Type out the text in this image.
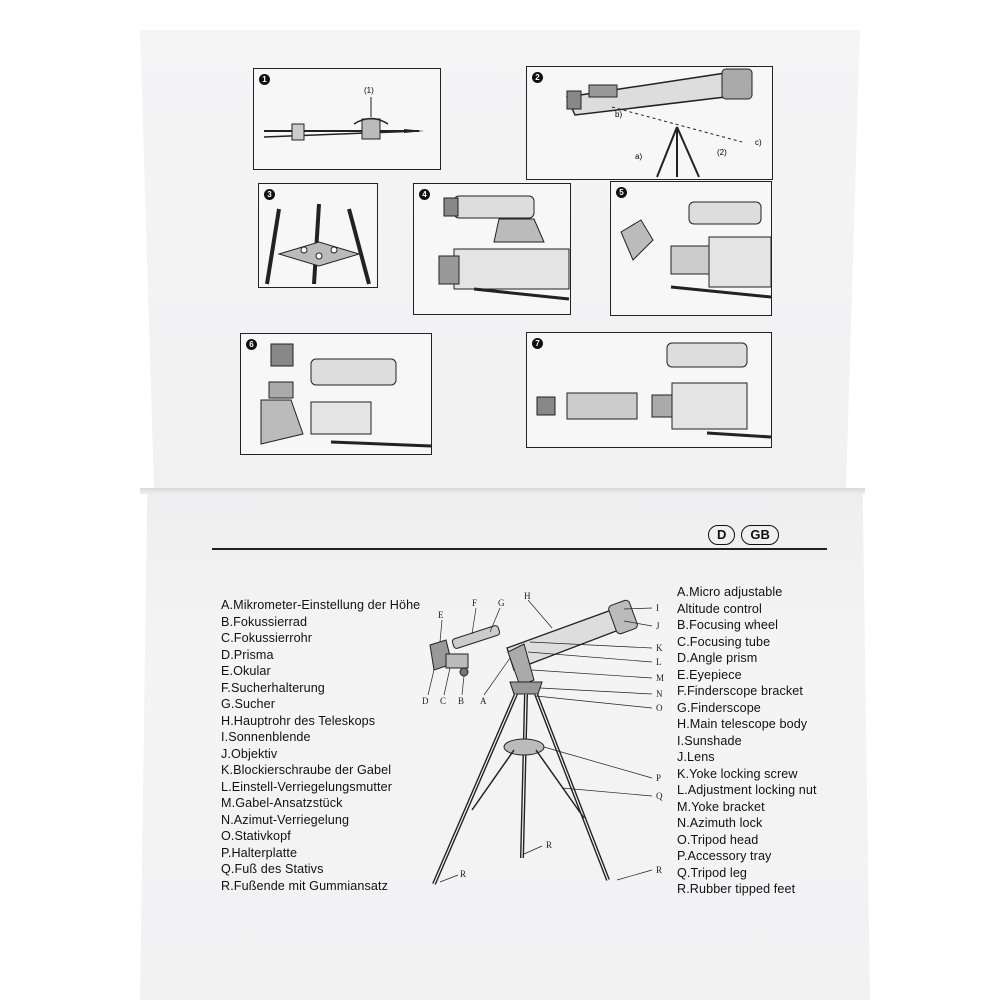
1
(1)
2
b)
a)	(2)
c)
3	4	5
6	7
D	GB
A.Mikrometer-Einstellung der Höhe
B.Fokussierrad
C.Fokussierrohr
D.Prisma
E.Okular
F.Sucherhalterung
G.Sucher
H.Hauptrohr des Teleskops
I.Sonnenblende
J.Objektiv
K.Blockierschraube der Gabel
L.Einstell-Verriegelungsmutter
M.Gabel-Ansatzstück
N.Azimut-Verriegelung
O.Stativkopf
P.Halterplatte
Q.Fuß des Stativs
R.Fußende mit Gummiansatz
A.Micro adjustable
Altitude control
B.Focusing wheel
C.Focusing tube
D.Angle prism
E.Eyepiece
F.Finderscope bracket
G.Finderscope
H.Main telescope body
I.Sunshade
J.Lens
K.Yoke locking screw
L.Adjustment locking nut
M.Yoke bracket
N.Azimuth lock
O.Tripod head
P.Accessory tray
Q.Tripod leg
R.Rubber tipped feet
I
J
K
L
M
N
O
P
Q
R
R
R
E
F G
H
D C B A
